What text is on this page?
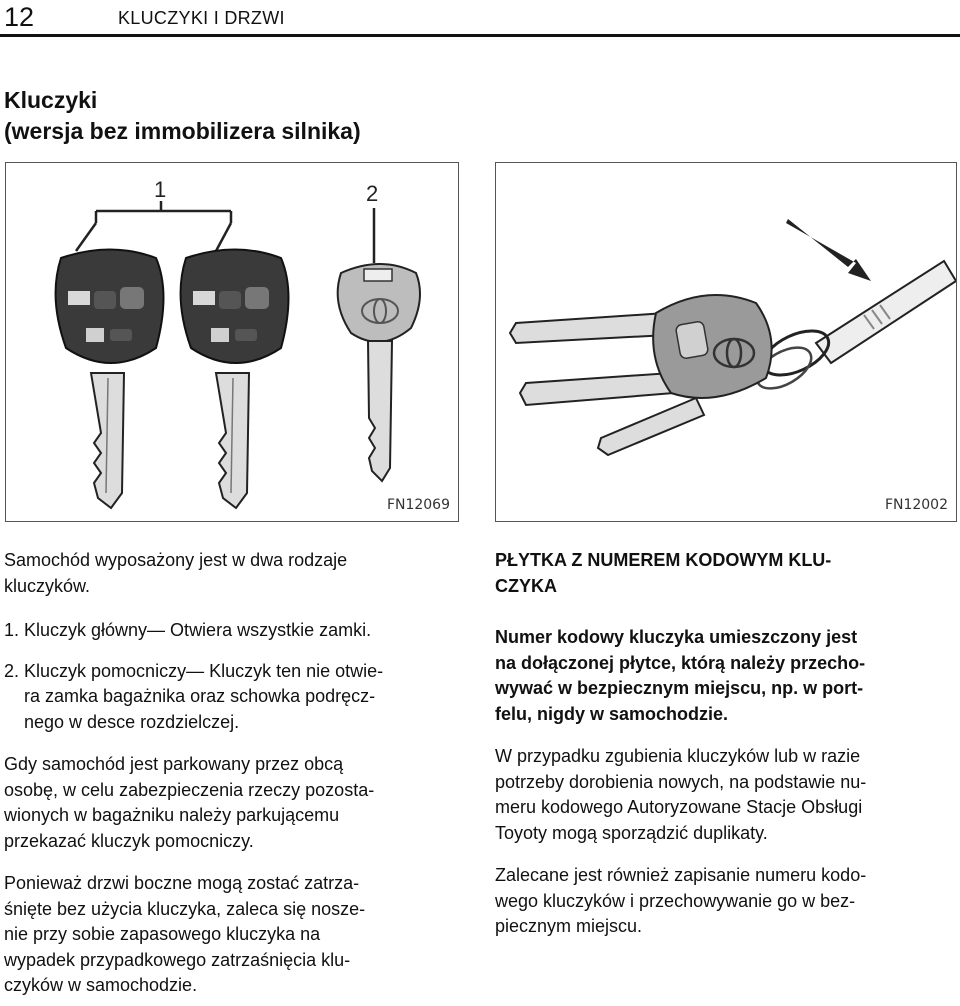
12	KLUCZYKI I DRZWI
Kluczyki
(wersja bez immobilizera silnika)
1	2
FN12069	FN12002

Samochód wyposażony jest w dwa rodzaje

kluczyków.

1. Kluczyk główny— Otwiera wszystkie zamki.

2. Kluczyk pomocniczy— Kluczyk ten nie otwie-

ra zamka bagażnika oraz schowka podręcz-

nego w desce rozdzielczej.

Gdy samochód jest parkowany przez obcą

osobę, w celu zabezpieczenia rzeczy pozosta-

wionych w bagażniku należy parkującemu

przekazać kluczyk pomocniczy.

Ponieważ drzwi boczne mogą zostać zatrza-

śnięte bez użycia kluczyka, zaleca się nosze-

nie przy sobie zapasowego kluczyka na

wypadek przypadkowego zatrzaśnięcia klu-

czyków w samochodzie.

PŁYTKA Z NUMEREM KODOWYM KLU-

CZYKA

Numer kodowy kluczyka umieszczony jest

na dołączonej płytce, którą należy przecho-

wywać w bezpiecznym miejscu, np. w port-

felu, nigdy w samochodzie.

W przypadku zgubienia kluczyków lub w razie

potrzeby dorobienia nowych, na podstawie nu-

meru kodowego Autoryzowane Stacje Obsługi

Toyoty mogą sporządzić duplikaty.

Zalecane jest również zapisanie numeru kodo-

wego kluczyków i przechowywanie go w bez-

piecznym miejscu.
